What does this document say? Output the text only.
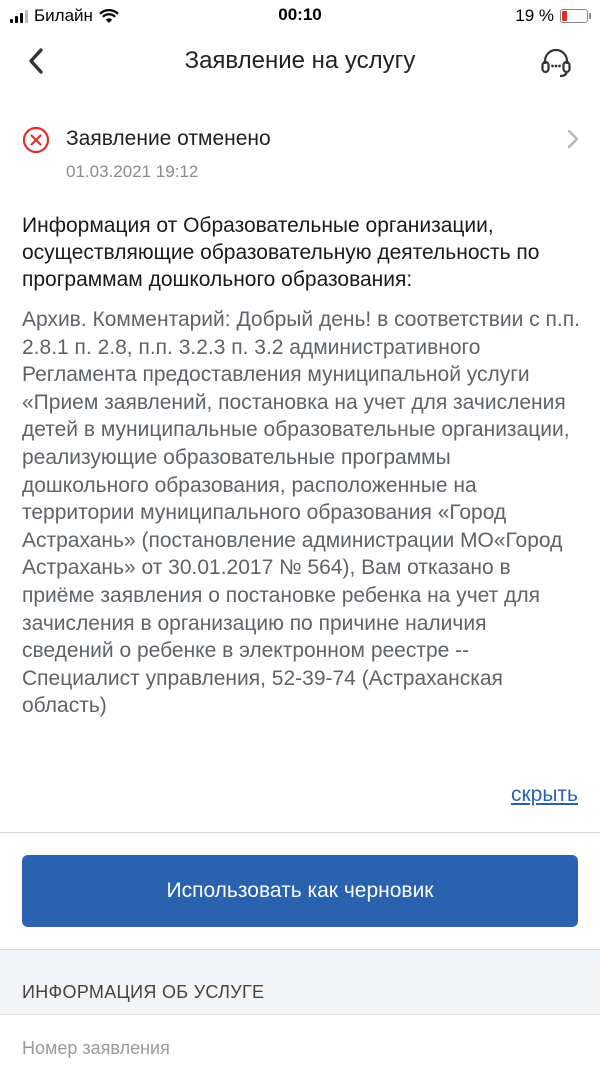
Билайн	00:10	19 %
Заявление на услугу
Заявление отменено
01.03.2021 19:12
Информация от Образовательные организации, осуществляющие образовательную деятельность по программам дошкольного образования:
Архив. Комментарий: Добрый день! в соответствии с п.п. 2.8.1 п. 2.8, п.п. 3.2.3 п. 3.2 административного Регламента предоставления муниципальной услуги «Прием заявлений, постановка на учет для зачисления детей в муниципальные образовательные организации, реализующие образовательные программы дошкольного образования, расположенные на территории муниципального образования «Город Астрахань» (постановление администрации МО«Город Астрахань» от 30.01.2017 № 564), Вам отказано в приёме заявления о постановке ребенка на учет для зачисления в организацию по причине наличия сведений о ребенке в электронном реестре -- Специалист управления, 52-39-74 (Астраханская область)
скрыть
Использовать как черновик
ИНФОРМАЦИЯ ОБ УСЛУГЕ
Номер заявления
